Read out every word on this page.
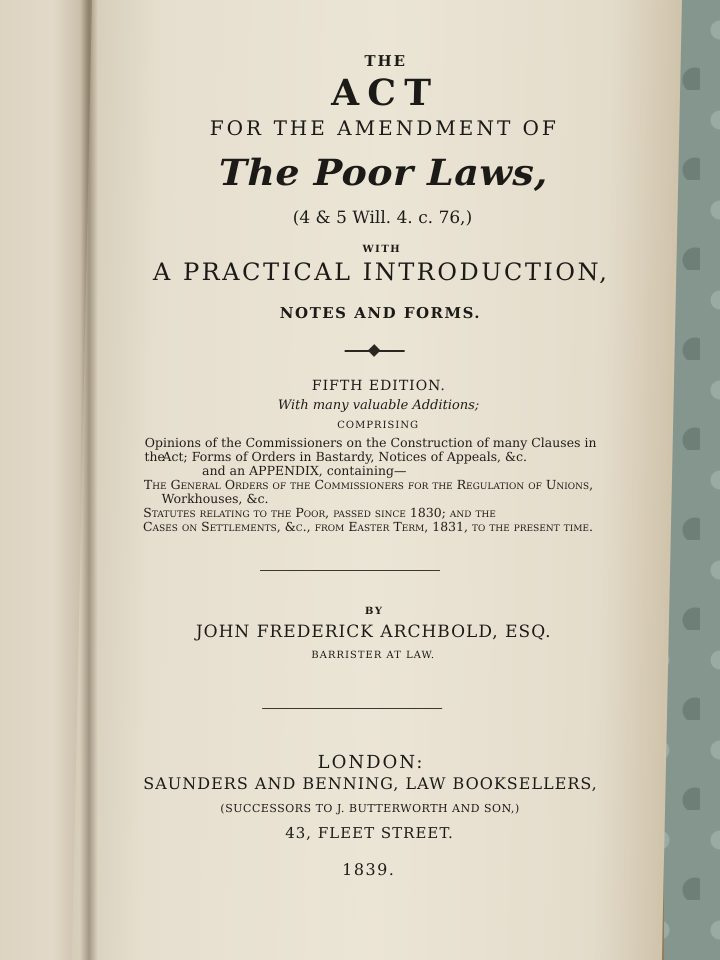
THE
ACT
FOR THE AMENDMENT OF
The Poor Laws,
(4 & 5 Will. 4. c. 76,)
WITH
A PRACTICAL INTRODUCTION,
NOTES AND FORMS.
FIFTH EDITION.
With many valuable Additions;
COMPRISING
Opinions of the Commissioners on the Construction of many Clauses in the
Act; Forms of Orders in Bastardy, Notices of Appeals, &c.
and an APPENDIX, containing—
The General Orders of the Commissioners for the Regulation of Unions,
Workhouses, &c.
Statutes relating to the Poor, passed since 1830; and the
Cases on Settlements, &c., from Easter Term, 1831, to the present time.
BY
JOHN FREDERICK ARCHBOLD, ESQ.
BARRISTER AT LAW.
LONDON:
SAUNDERS AND BENNING, LAW BOOKSELLERS,
(SUCCESSORS TO J. BUTTERWORTH AND SON,)
43, FLEET STREET.
1839.
